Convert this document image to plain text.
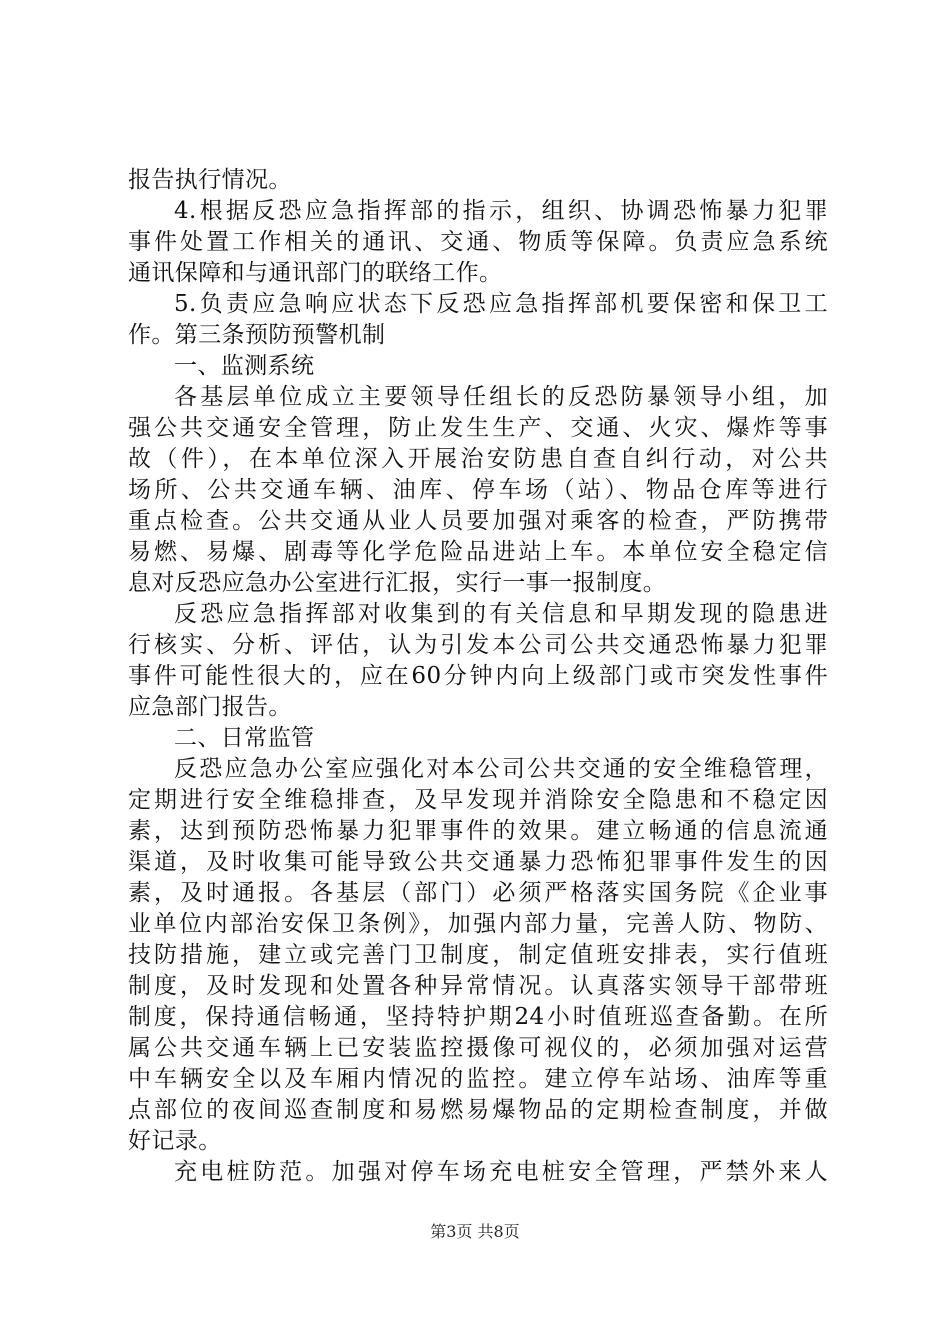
报告执行情况。
4.根据反恐应急指挥部的指示，组织、协调恐怖暴力犯罪
事件处置工作相关的通讯、交通、物质等保障。负责应急系统
通讯保障和与通讯部门的联络工作。
5.负责应急响应状态下反恐应急指挥部机要保密和保卫工
作。第三条预防预警机制
一、监测系统
各基层单位成立主要领导任组长的反恐防暴领导小组，加
强公共交通安全管理，防止发生生产、交通、火灾、爆炸等事
故（件），在本单位深入开展治安防患自查自纠行动，对公共
场所、公共交通车辆、油库、停车场（站）、物品仓库等进行
重点检查。公共交通从业人员要加强对乘客的检查，严防携带
易燃、易爆、剧毒等化学危险品进站上车。本单位安全稳定信
息对反恐应急办公室进行汇报，实行一事一报制度。
反恐应急指挥部对收集到的有关信息和早期发现的隐患进
行核实、分析、评估，认为引发本公司公共交通恐怖暴力犯罪
事件可能性很大的，应在60分钟内向上级部门或市突发性事件
应急部门报告。
二、日常监管
反恐应急办公室应强化对本公司公共交通的安全维稳管理，
定期进行安全维稳排查，及早发现并消除安全隐患和不稳定因
素，达到预防恐怖暴力犯罪事件的效果。建立畅通的信息流通
渠道，及时收集可能导致公共交通暴力恐怖犯罪事件发生的因
素，及时通报。各基层（部门）必须严格落实国务院《企业事
业单位内部治安保卫条例》，加强内部力量，完善人防、物防、
技防措施，建立或完善门卫制度，制定值班安排表，实行值班
制度，及时发现和处置各种异常情况。认真落实领导干部带班
制度，保持通信畅通，坚持特护期24小时值班巡查备勤。在所
属公共交通车辆上已安装监控摄像可视仪的，必须加强对运营
中车辆安全以及车厢内情况的监控。建立停车站场、油库等重
点部位的夜间巡查制度和易燃易爆物品的定期检查制度，并做
好记录。
充电桩防范。加强对停车场充电桩安全管理，严禁外来人
第3页 共8页
